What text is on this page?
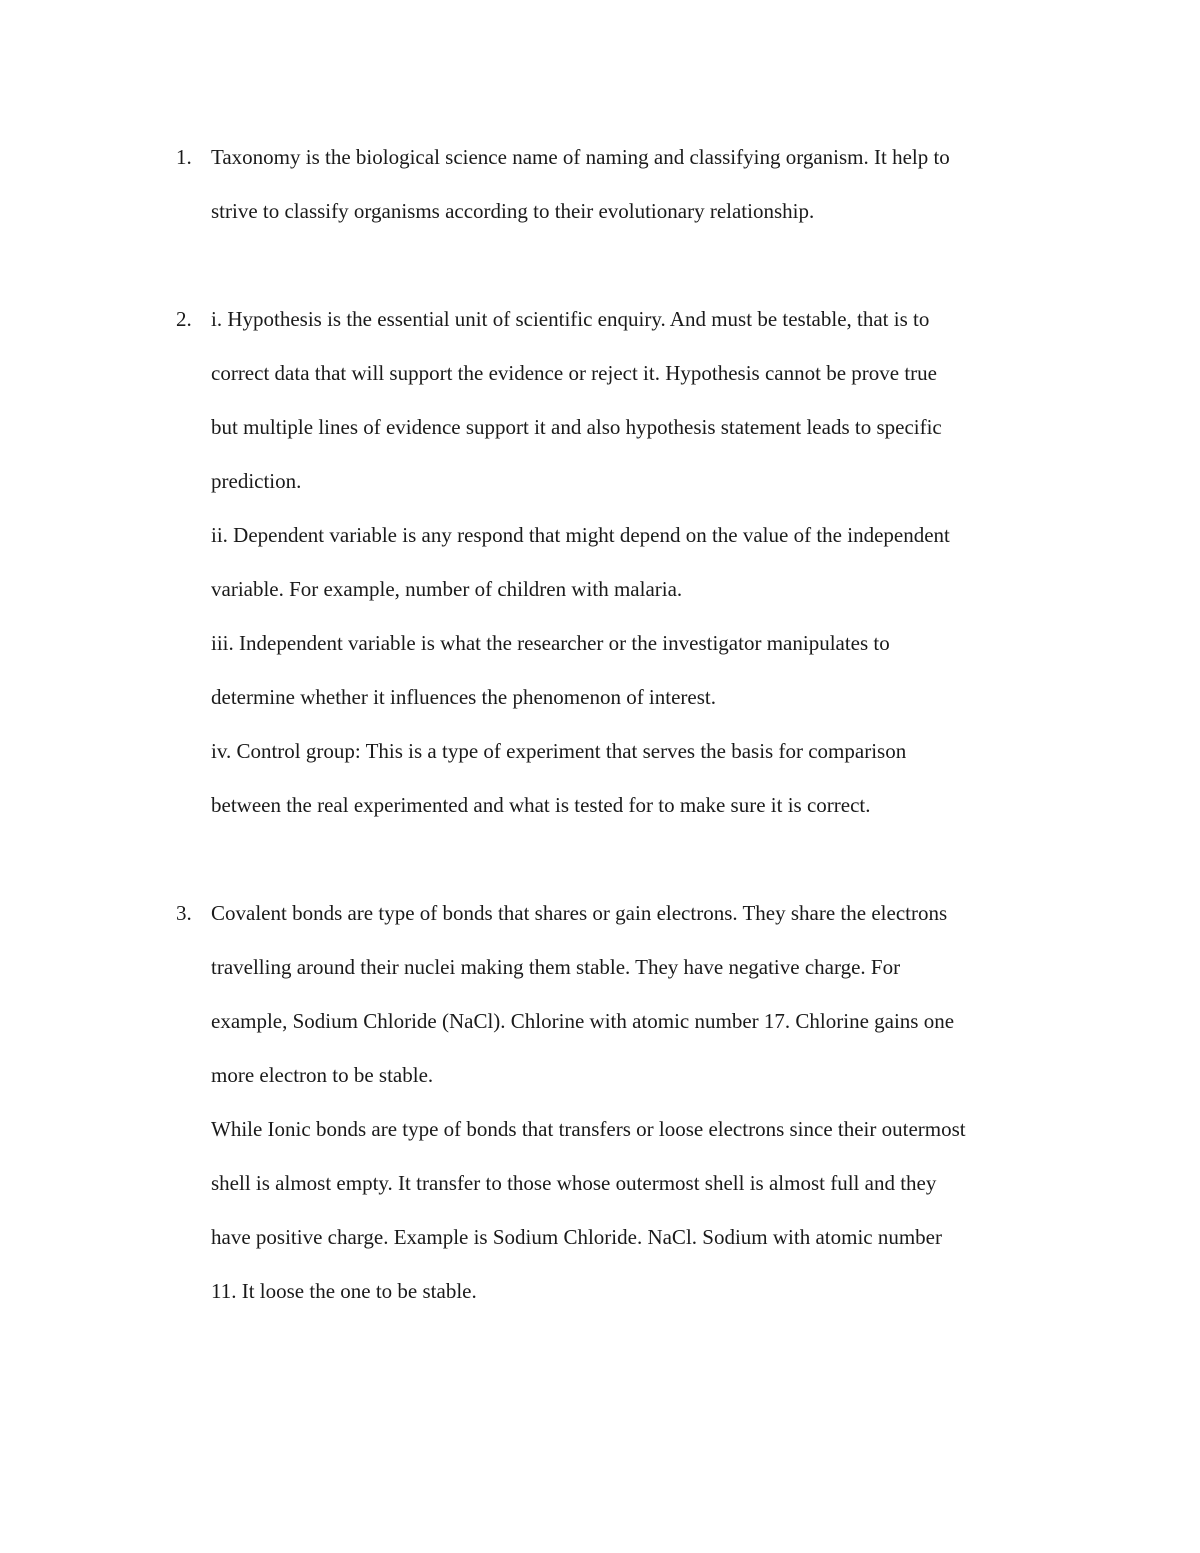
1. Taxonomy is the biological science name of naming and classifying organism. It help to
strive to classify organisms according to their evolutionary relationship.
2. i. Hypothesis is the essential unit of scientific enquiry. And must be testable, that is to
correct data that will support the evidence or reject it. Hypothesis cannot be prove true
but multiple lines of evidence support it and also hypothesis statement leads to specific
prediction.
ii. Dependent variable is any respond that might depend on the value of the independent
variable. For example, number of children with malaria.
iii. Independent variable is what the researcher or the investigator manipulates to
determine whether it influences the phenomenon of interest.
iv. Control group: This is a type of experiment that serves the basis for comparison
between the real experimented and what is tested for to make sure it is correct.
3. Covalent bonds are type of bonds that shares or gain electrons. They share the electrons
travelling around their nuclei making them stable. They have negative charge. For
example, Sodium Chloride (NaCl). Chlorine with atomic number 17. Chlorine gains one
more electron to be stable.
While Ionic bonds are type of bonds that transfers or loose electrons since their outermost
shell is almost empty. It transfer to those whose outermost shell is almost full and they
have positive charge. Example is Sodium Chloride. NaCl. Sodium with atomic number
11. It loose the one to be stable.
